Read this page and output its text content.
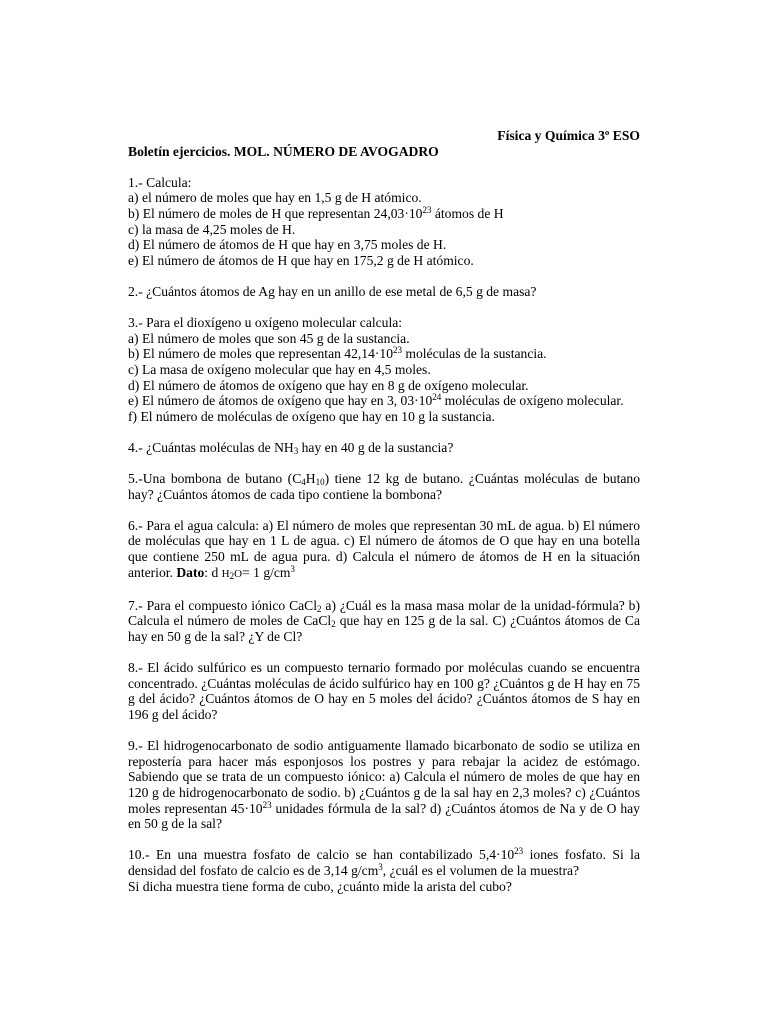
Física y Química 3º ESO
Boletín ejercicios. MOL. NÚMERO DE AVOGADRO
1.- Calcula:
a) el número de moles que hay en 1,5 g de H atómico.
b) El número de moles de H que representan $24,03\cdot 10^{23}$ átomos de H
c) la masa de 4,25 moles de H.
d) El número de átomos de H que hay en 3,75 moles de H.
e) El número de átomos de H que hay en 175,2 g de H atómico.
2.- ¿Cuántos átomos de Ag hay en un anillo de ese metal de 6,5 g de masa?
3.- Para el dioxígeno u oxígeno molecular calcula:
a) El número de moles que son 45 g de la sustancia.
b) El número de moles que representan $42,14\cdot 10^{23}$ moléculas de la sustancia.
c) La masa de oxígeno molecular que hay en 4,5 moles.
d) El número de átomos de oxígeno que hay en 8 g de oxígeno molecular.
e) El número de átomos de oxígeno que hay en 3, $03\cdot 10^{24}$ moléculas de oxígeno molecular.
f) El número de moléculas de oxígeno que hay en 10 g la sustancia.
4.- ¿Cuántas moléculas de $NH_3$ hay en 40 g de la sustancia?
5.-Una bombona de butano $(C_4H_{10})$ tiene 12 kg de butano. ¿Cuántas moléculas de butano hay? ¿Cuántos átomos de cada tipo contiene la bombona?
6.- Para el agua calcula: a) El número de moles que representan 30 mL de agua. b) El número de moléculas que hay en 1 L de agua. c) El número de átomos de O que hay en una botella que contiene 250 mL de agua pura. d) Calcula el número de átomos de H en la situación anterior. Dato: d $H_2O= 1$ $g/cm^3$
7.- Para el compuesto iónico CaCl$_2$ a) ¿Cuál es la masa masa molar de la unidad-fórmula? b) Calcula el número de moles de CaCl$_2$ que hay en 125 g de la sal. C) ¿Cuántos átomos de Ca hay en 50 g de la sal? ¿Y de Cl?
8.- El ácido sulfúrico es un compuesto ternario formado por moléculas cuando se encuentra concentrado. ¿Cuántas moléculas de ácido sulfúrico hay en 100 g? ¿Cuántos g de H hay en 75 g del ácido? ¿Cuántos átomos de O hay en 5 moles del ácido? ¿Cuántos átomos de S hay en 196 g del ácido?
9.- El hidrogenocarbonato de sodio antiguamente llamado bicarbonato de sodio se utiliza en repostería para hacer más esponjosos los postres y para rebajar la acidez de estómago. Sabiendo que se trata de un compuesto iónico: a) Calcula el número de moles de que hay en 120 g de hidrogenocarbonato de sodio. b) ¿Cuántos g de la sal hay en 2,3 moles? c) ¿Cuántos moles representan $45\cdot 10^{23}$ unidades fórmula de la sal? d) ¿Cuántos átomos de Na y de O hay en 50 g de la sal?
10.- En una muestra fosfato de calcio se han contabilizado $5,4\cdot 10^{23}$ iones fosfato. Si la densidad del fosfato de calcio es de 3,14 $g/cm^3$, ¿cuál es el volumen de la muestra?
Si dicha muestra tiene forma de cubo, ¿cuánto mide la arista del cubo?
